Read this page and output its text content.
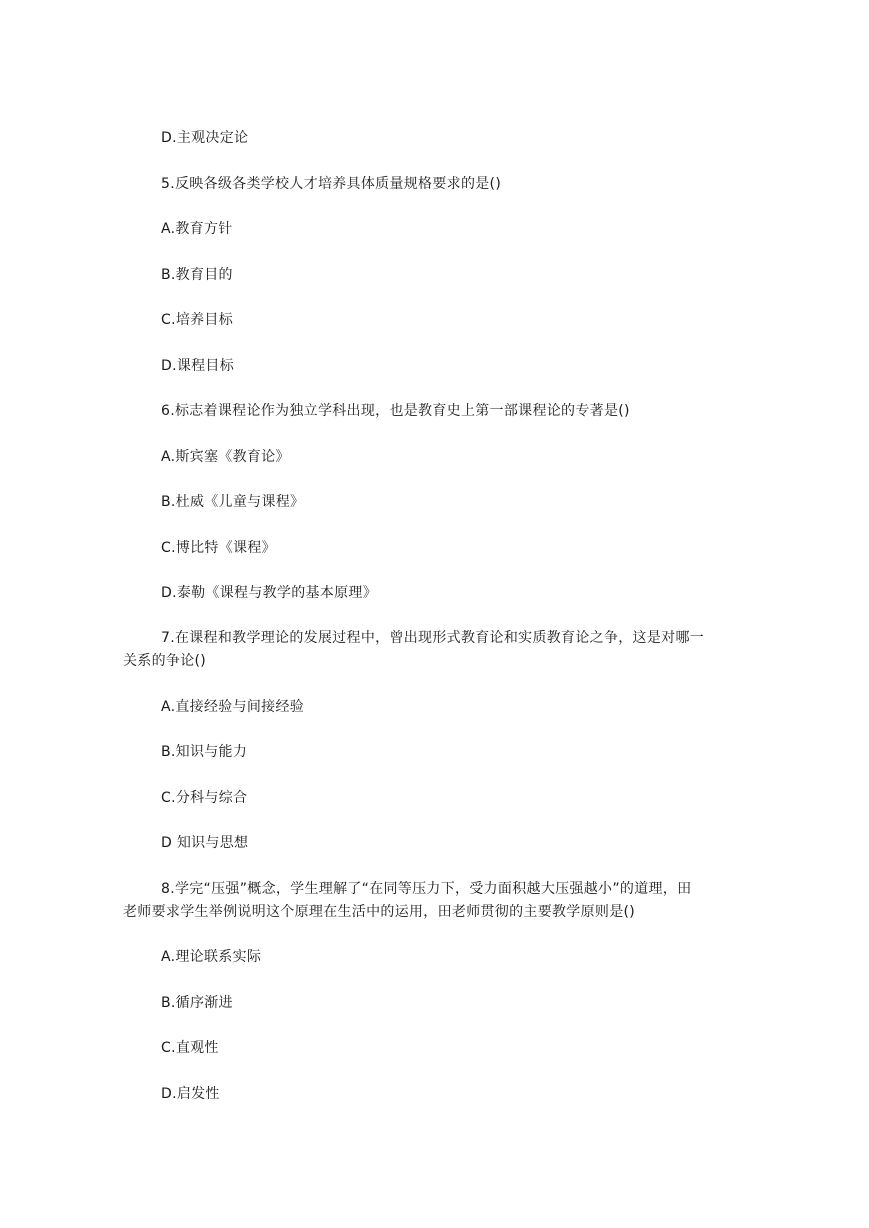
D.主观决定论
5.反映各级各类学校人才培养具体质量规格要求的是()
A.教育方针
B.教育目的
C.培养目标
D.课程目标
6.标志着课程论作为独立学科出现，也是教育史上第一部课程论的专著是()
A.斯宾塞《教育论》
B.杜威《儿童与课程》
C.博比特《课程》
D.泰勒《课程与教学的基本原理》
7.在课程和教学理论的发展过程中，曾出现形式教育论和实质教育论之争，这是对哪一
关系的争论()
A.直接经验与间接经验
B.知识与能力
C.分科与综合
D 知识与思想
8.学完“压强”概念，学生理解了“在同等压力下，受力面积越大压强越小”的道理，田
老师要求学生举例说明这个原理在生活中的运用，田老师贯彻的主要教学原则是()
A.理论联系实际
B.循序渐进
C.直观性
D.启发性
